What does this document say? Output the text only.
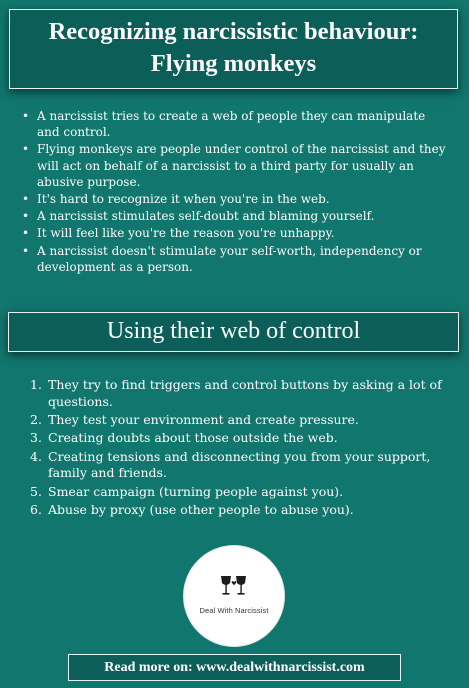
Recognizing narcissistic behaviour:
Flying monkeys
• A narcissist tries to create a web of people they can manipulate and control.
• Flying monkeys are people under control of the narcissist and they will act on behalf of a narcissist to a third party for usually an abusive purpose.
• It's hard to recognize it when you're in the web.
• A narcissist stimulates self-doubt and blaming yourself.
• It will feel like you're the reason you're unhappy.
• A narcissist doesn't stimulate your self-worth, independency or development as a person.
Using their web of control
1. They try to find triggers and control buttons by asking a lot of questions.
2. They test your environment and create pressure.
3. Creating doubts about those outside the web.
4. Creating tensions and disconnecting you from your support, family and friends.
5. Smear campaign (turning people against you).
6. Abuse by proxy (use other people to abuse you).
Deal With Narcissist
Read more on: www.dealwithnarcissist.com
